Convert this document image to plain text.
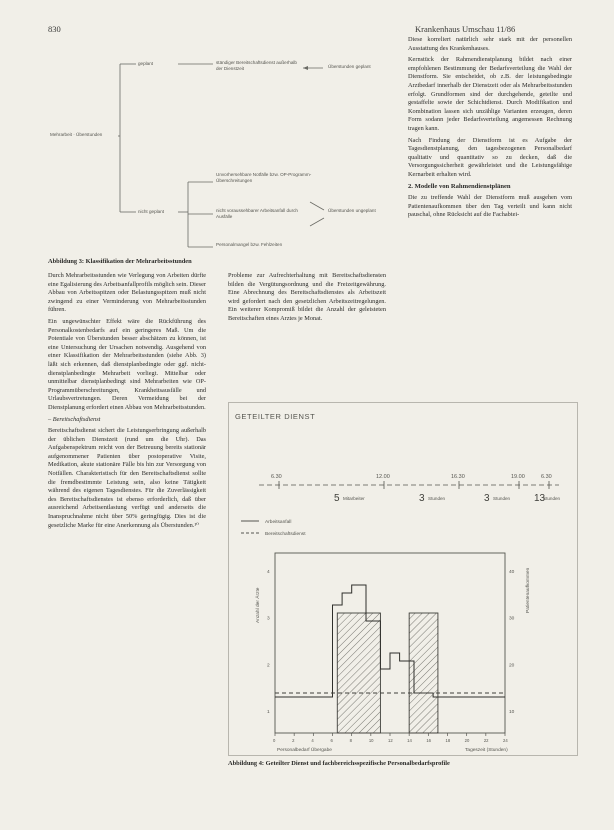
830	Krankenhaus Umschau 11/86
Mehrarbeit · Überstunden
geplant
nicht geplant
ständiger Bereitschaftsdienst außerhalb der Dienstzeit
Unvorhersehbare Notfälle bzw. OP-Programm-Überschreitungen
nicht voraussehbarer Arbeitsanfall durch Ausfälle
Personalmangel bzw. Fehlzeiten
Überstunden geplant
Überstunden ungeplant
Abbildung 3: Klassifikation der Mehrarbeitsstunden

Durch Mehrarbeitsstunden wie Verlegung von Arbeiten dürfte eine Egalisierung des Arbeitsanfallprofils möglich sein. Dieser Abbau von Arbeitsspitzen oder Belastungsspitzen muß nicht zwingend zu einer Verminderung von Mehrarbeitsstunden führen.

Ein ungewünschter Effekt wäre die Rückführung des Personalkostenbedarfs auf ein geringeres Maß. Um die Potentiale von Überstunden besser abschätzen zu können, ist eine Untersuchung der Ursachen notwendig. Ausgehend von einer Klassifikation der Mehrarbeitsstunden (siehe Abb. 3) läßt sich erkennen, daß dienstplanbedingte oder ggf. nicht-dienstplanbedingte Mehrarbeit vorliegt. Mittelbar oder unmittelbar dienstplanbedingt sind Mehrarbeiten wie OP-Programmüberschreitungen, Krankheitsausfälle und Urlaubsvertretungen. Deren Vermeidung bei der Dienstplanung erfordert einen Abbau von Mehrarbeitsstunden.

– Bereitschaftsdienst

Bereitschaftsdienst sichert die Leistungserbringung außerhalb der üblichen Dienstzeit (rund um die Uhr). Das Aufgabenspektrum reicht von der Betreuung bereits stationär aufgenommener Patienten über postoperative Visite, Medikation, akute stationäre Fälle bis hin zur Versorgung von Notfällen. Charakteristisch für den Bereitschaftsdienst sollte die fremdbestimmte Leistung sein, also keine Tätigkeit während des eigenen Tagesdienstes. Für die Zuverlässigkeit des Bereitschaftsdienstes ist ebenso erforderlich, daß über ausreichend Arbeitsentlastung verfügt und anderseits die Inanspruchnahme nicht über 50% geringfügig. Dies ist die gesetzliche Marke für eine Anerkennung als Überstunden.¹⁰

Probleme zur Aufrechterhaltung mit Bereitschaftsdiensten bilden die Vergütungsordnung und die Freizeitgewährung. Eine Abrechnung des Bereitschaftsdienstes als Arbeitszeit wird gefordert nach den gesetzlichen Arbeitszeitregelungen. Ein weiterer Kompromiß bildet die Anzahl der geleisteten Bereitschaften eines Arztes je Monat.

Diese korreliert natürlich sehr stark mit der personellen Ausstattung des Krankenhauses.

Kernstück der Rahmendienstplanung bildet nach einer empfohlenen Bestimmung der Bedarfsverteilung die Wahl der Dienstform. Sie entscheidet, ob z.B. der leistungsbedingte Arztbedarf innerhalb der Dienstzeit oder als Mehrarbeitsstunden erfolgt. Grundformen sind der durchgehende, geteilte und gestaffelte sowie der Schichtdienst. Durch Modifikation und Kombination lassen sich unzählige Varianten erzeugen, deren Form sodann jeder Bedarfsverteilung angemessen Rechnung tragen kann.

Nach Findung der Dienstform ist es Aufgabe der Tagesdienstplanung, den tagesbezogenen Personalbedarf qualitativ und quantitativ so zu decken, daß die Versorgungssicherheit gewährleistet und die Leistungsfähige Kernarbeit erhalten wird.

2. Modelle von Rahmendienstplänen

Die zu treffende Wahl der Dienstform muß ausgehen vom Patientenaufkommen über den Tag verteilt und kann nicht pauschal, ohne Rücksicht auf die Fachabtei-

GETEILTER DIENST
6.30	12.00	16.30	19.00	6.30
5 Mitarbeiter	3 Stunden	3 Stunden 13
Stunden
Arbeitsanfall
Bereitschaftsdienst
4
3
2
1
40
30
20
10
Anzahl der Ärzte	Patientenaufkommen
0	2	4	6	8	10	12	14	16	18	20	22	24
Personalbedarf Übergabe	Tageszeit (Stunden)
Abbildung 4: Geteilter Dienst und fachbereichsspezifische Personalbedarfsprofile
